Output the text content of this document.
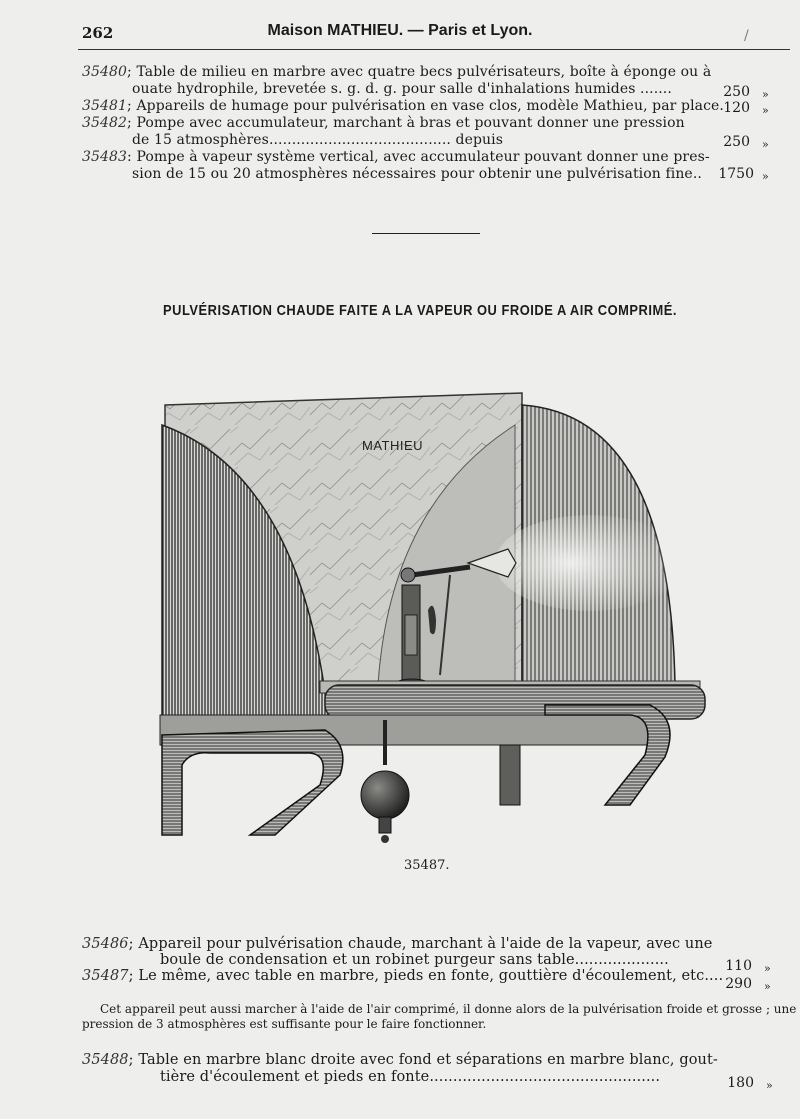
262	Maison MATHIEU. — Paris et Lyon.	/
35480; Table de milieu en marbre avec quatre becs pulvérisateurs, boîte à éponge ou à
ouate hydrophile, brevetée s. g. d. g. pour salle d'inhalations humides .......	250 »
35481; Appareils de humage pour pulvérisation en vase clos, modèle Mathieu, par place. 120 »
35482; Pompe avec accumulateur, marchant à bras et pouvant donner une pression
de 15 atmosphères........................................ depuis	250 »
35483: Pompe à vapeur système vertical, avec accumulateur pouvant donner une pres-
sion de 15 ou 20 atmosphères nécessaires pour obtenir une pulvérisation fine..	1750 »
PULVÉRISATION CHAUDE FAITE A LA VAPEUR OU FROIDE A AIR COMPRIMÉ.
MATHIEU
35487.
35486; Appareil pour pulvérisation chaude, marchant à l'aide de la vapeur, avec une
boule de condensation et un robinet purgeur sans table....................	110 »
35487; Le même, avec table en marbre, pieds en fonte, gouttière d'écoulement, etc.... 290 »
Cet appareil peut aussi marcher à l'aide de l'air comprimé, il donne alors de la pulvérisation froide et grosse ; une
pression de 3 atmosphères est suffisante pour le faire fonctionner.
35488; Table en marbre blanc droite avec fond et séparations en marbre blanc, gout-
tière d'écoulement et pieds en fonte.................................................	180 »
